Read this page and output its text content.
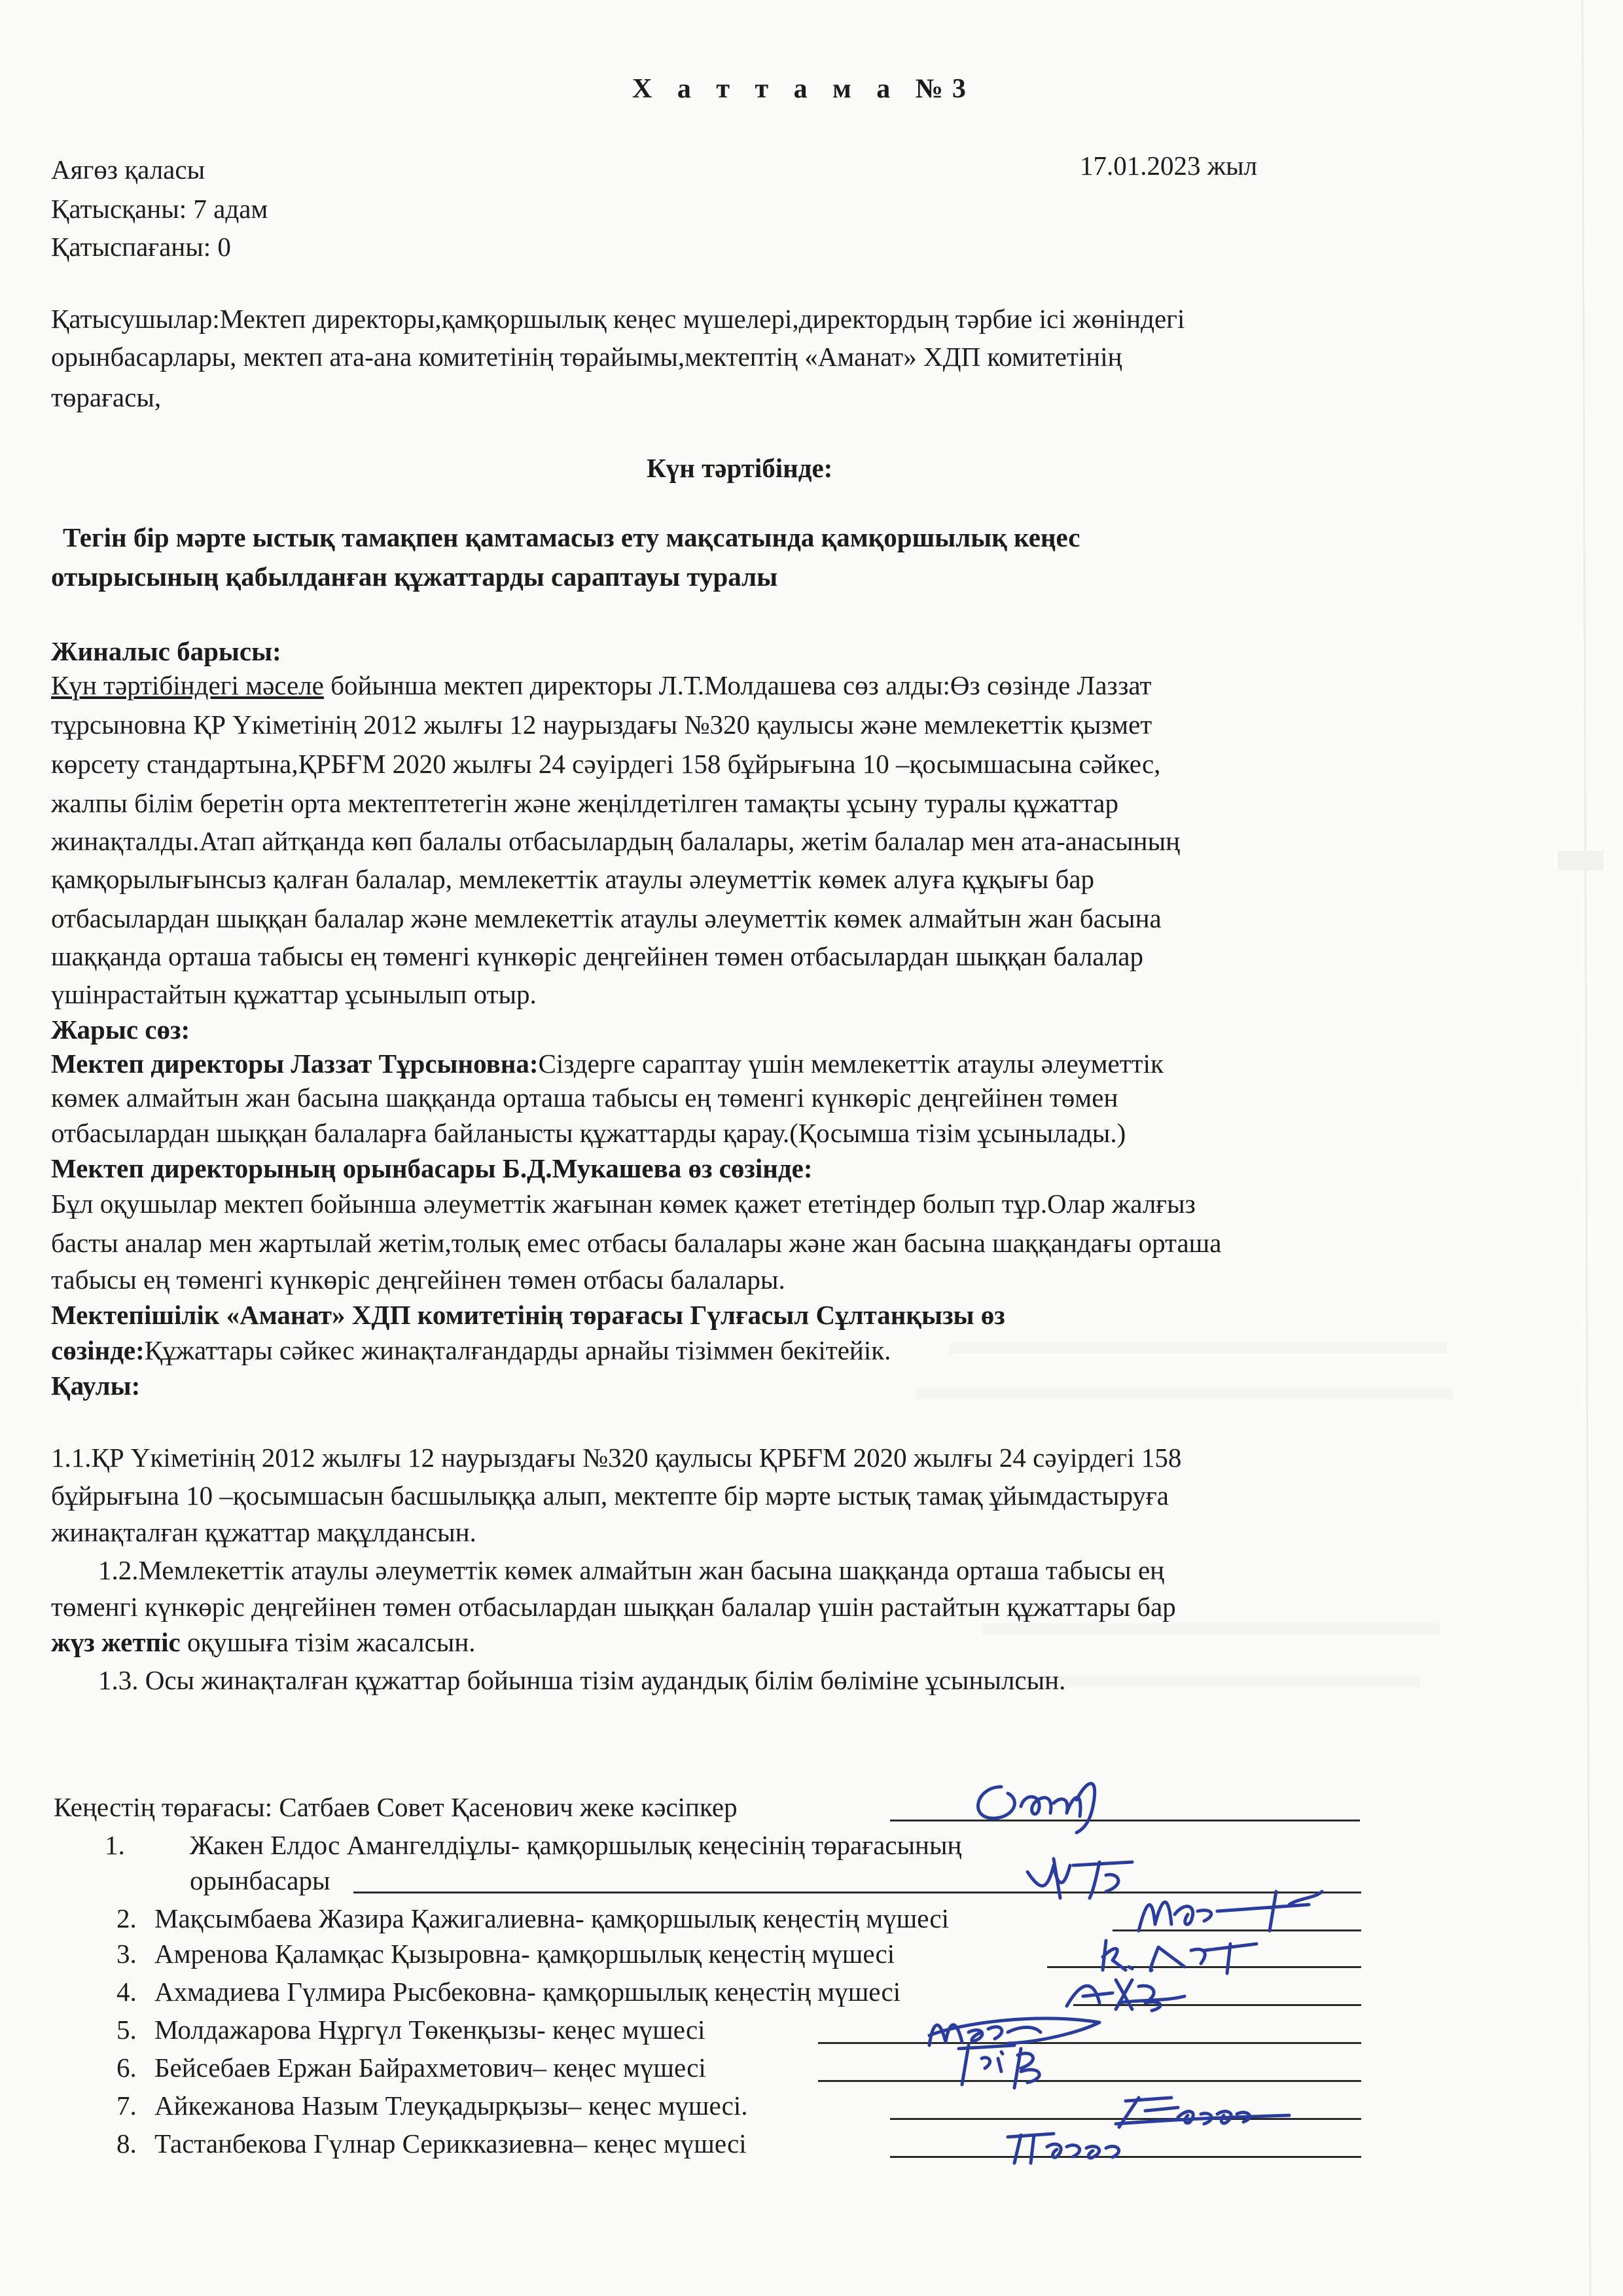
Х а т т а м а №3
Аягөз қаласы	17.01.2023 жыл
Қатысқаны: 7 адам
Қатыспағаны: 0
Қатысушылар:Мектеп директоры,қамқоршылық кеңес мүшелері,директордың тәрбие ісі жөніндегі
орынбасарлары, мектеп ата-ана комитетінің төрайымы,мектептің «Аманат» ХДП комитетінің
төрағасы,
Күн тәртібінде:
Тегін бір мәрте ыстық тамақпен қамтамасыз ету мақсатында қамқоршылық кеңес
отырысының қабылданған құжаттарды сараптауы туралы
Жиналыс барысы:
Күн тәртібіндегі мәселе бойынша мектеп директоры Л.Т.Молдашева сөз алды:Өз сөзінде Лаззат
тұрсыновна ҚР Үкіметінің 2012 жылғы 12 наурыздағы №320 қаулысы және мемлекеттік қызмет
көрсету стандартына,ҚРБҒМ 2020 жылғы 24 сәуірдегі 158 бұйрығына 10 –қосымшасына сәйкес,
жалпы білім беретін орта мектептетегін және жеңілдетілген тамақты ұсыну туралы құжаттар
жинақталды.Атап айтқанда көп балалы отбасылардың балалары, жетім балалар мен ата-анасының
қамқорылығынсыз қалған балалар, мемлекеттік атаулы әлеуметтік көмек алуға құқығы бар
отбасылардан шыққан балалар және мемлекеттік атаулы әлеуметтік көмек алмайтын жан басына
шаққанда орташа табысы ең төменгі күнкөріс деңгейінен төмен отбасылардан шыққан балалар
үшінрастайтын құжаттар ұсынылып отыр.
Жарыс сөз:
Мектеп директоры Лаззат Тұрсыновна:Сіздерге сараптау үшін мемлекеттік атаулы әлеуметтік
көмек алмайтын жан басына шаққанда орташа табысы ең төменгі күнкөріс деңгейінен төмен
отбасылардан шыққан балаларға байланысты құжаттарды қарау.(Қосымша тізім ұсынылады.)
Мектеп директорының орынбасары Б.Д.Мукашева өз сөзінде:
Бұл оқушылар мектеп бойынша әлеуметтік жағынан көмек қажет ететіндер болып тұр.Олар жалғыз
басты аналар мен жартылай жетім,толық емес отбасы балалары және жан басына шаққандағы орташа
табысы ең төменгі күнкөріс деңгейінен төмен отбасы балалары.
Мектепішілік «Аманат» ХДП комитетінің төрағасы Гүлғасыл Сұлтанқызы өз
сөзінде:Құжаттары сәйкес жинақталғандарды арнайы тізіммен бекітейік.
Қаулы:
1.1.ҚР Үкіметінің 2012 жылғы 12 наурыздағы №320 қаулысы ҚРБҒМ 2020 жылғы 24 сәуірдегі 158
бұйрығына 10 –қосымшасын басшылыққа алып, мектепте бір мәрте ыстық тамақ ұйымдастыруға
жинақталған құжаттар мақұлдансын.
1.2.Мемлекеттік атаулы әлеуметтік көмек алмайтын жан басына шаққанда орташа табысы ең
төменгі күнкөріс деңгейінен төмен отбасылардан шыққан балалар үшін растайтын құжаттары бар
жүз жетпіс оқушыға тізім жасалсын.
1.3. Осы жинақталған құжаттар бойынша тізім аудандық білім бөліміне ұсынылсын.
Кеңестің төрағасы: Сатбаев Совет Қасенович жеке кәсіпкер
1. Жакен Елдос Амангелдіұлы- қамқоршылық кеңесінің төрағасының
орынбасары
2. Мақсымбаева Жазира Қажигалиевна- қамқоршылық кеңестің мүшесі
3. Амренова Қаламқас Қызыровна- қамқоршылық кеңестің мүшесі
4. Ахмадиева Гүлмира Рысбековна- қамқоршылық кеңестің мүшесі
5. Молдажарова Нұргүл Төкенқызы- кеңес мүшесі
6. Бейсебаев Ержан Байрахметович– кеңес мүшесі
7. Айкежанова Назым Тлеуқадырқызы– кеңес мүшесі.
8. Тастанбекова Гүлнар Серикказиевна– кеңес мүшесі
